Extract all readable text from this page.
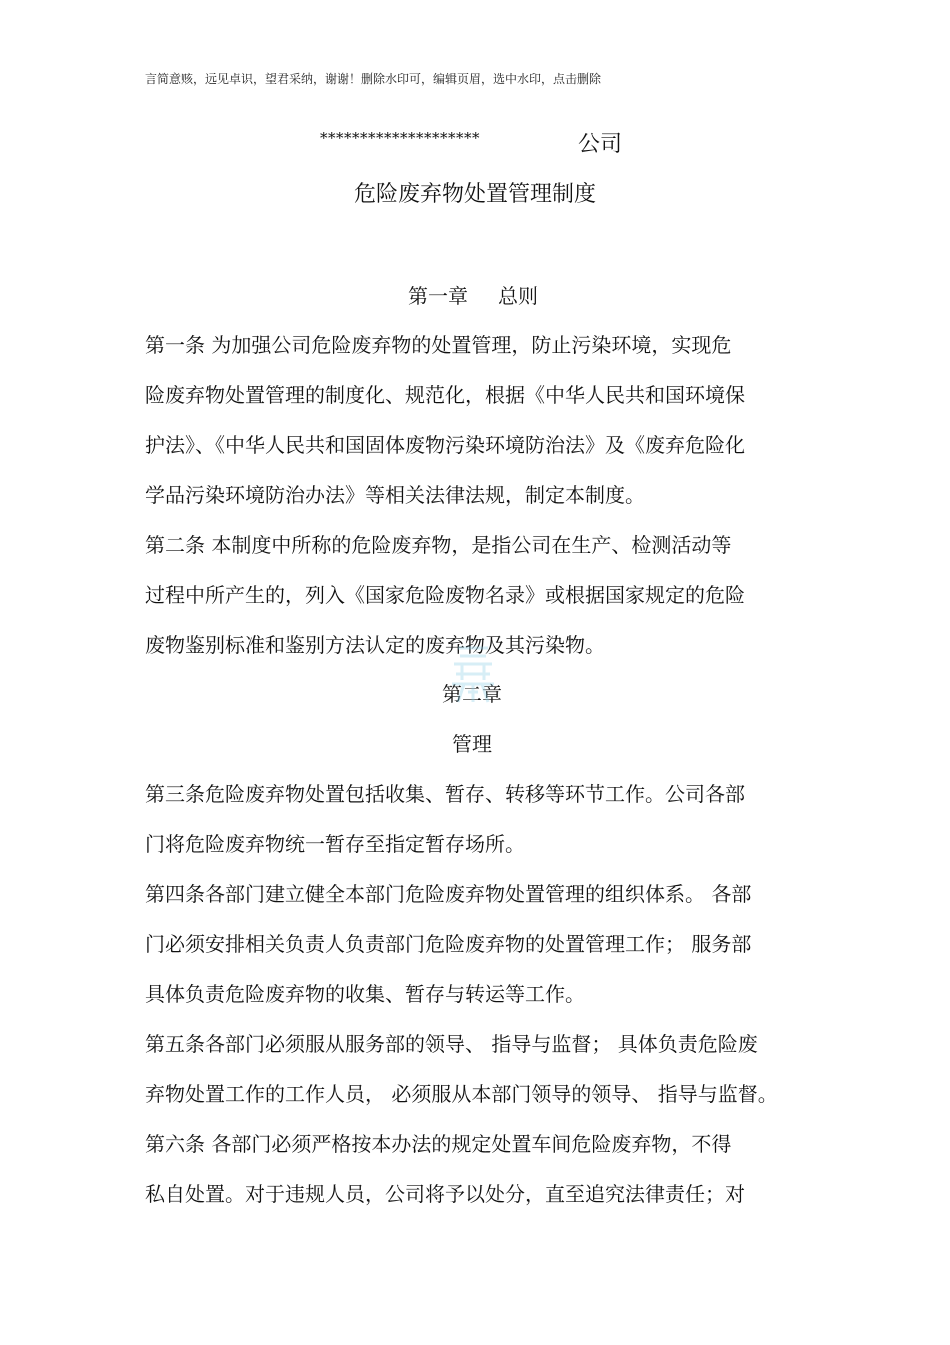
言简意赅，远见卓识，望君采纳，谢谢！删除水印可，编辑页眉，选中水印，点击删除
********************	公司
危险废弃物处置管理制度
第一章 总则
第一条 为加强公司危险废弃物的处置管理，防止污染环境，实现危
险废弃物处置管理的制度化、规范化，根据《中华人民共和国环境保
护法》、《中华人民共和国固体废物污染环境防治法》及《废弃危险化
学品污染环境防治办法》等相关法律法规，制定本制度。
第二条 本制度中所称的危险废弃物，是指公司在生产、检测活动等
过程中所产生的，列入《国家危险废物名录》或根据国家规定的危险
废物鉴别标准和鉴别方法认定的废弃物及其污染物。
第二章
管理
第三条危险废弃物处置包括收集、暂存、转移等环节工作。公司各部
门将危险废弃物统一暂存至指定暂存场所。
第四条各部门建立健全本部门危险废弃物处置管理的组织体系。 各部
门必须安排相关负责人负责部门危险废弃物的处置管理工作； 服务部
具体负责危险废弃物的收集、暂存与转运等工作。
第五条各部门必须服从服务部的领导、 指导与监督； 具体负责危险废
弃物处置工作的工作人员， 必须服从本部门领导的领导、 指导与监督。
第六条 各部门必须严格按本办法的规定处置车间危险废弃物，不得
私自处置。对于违规人员，公司将予以处分，直至追究法律责任；对
